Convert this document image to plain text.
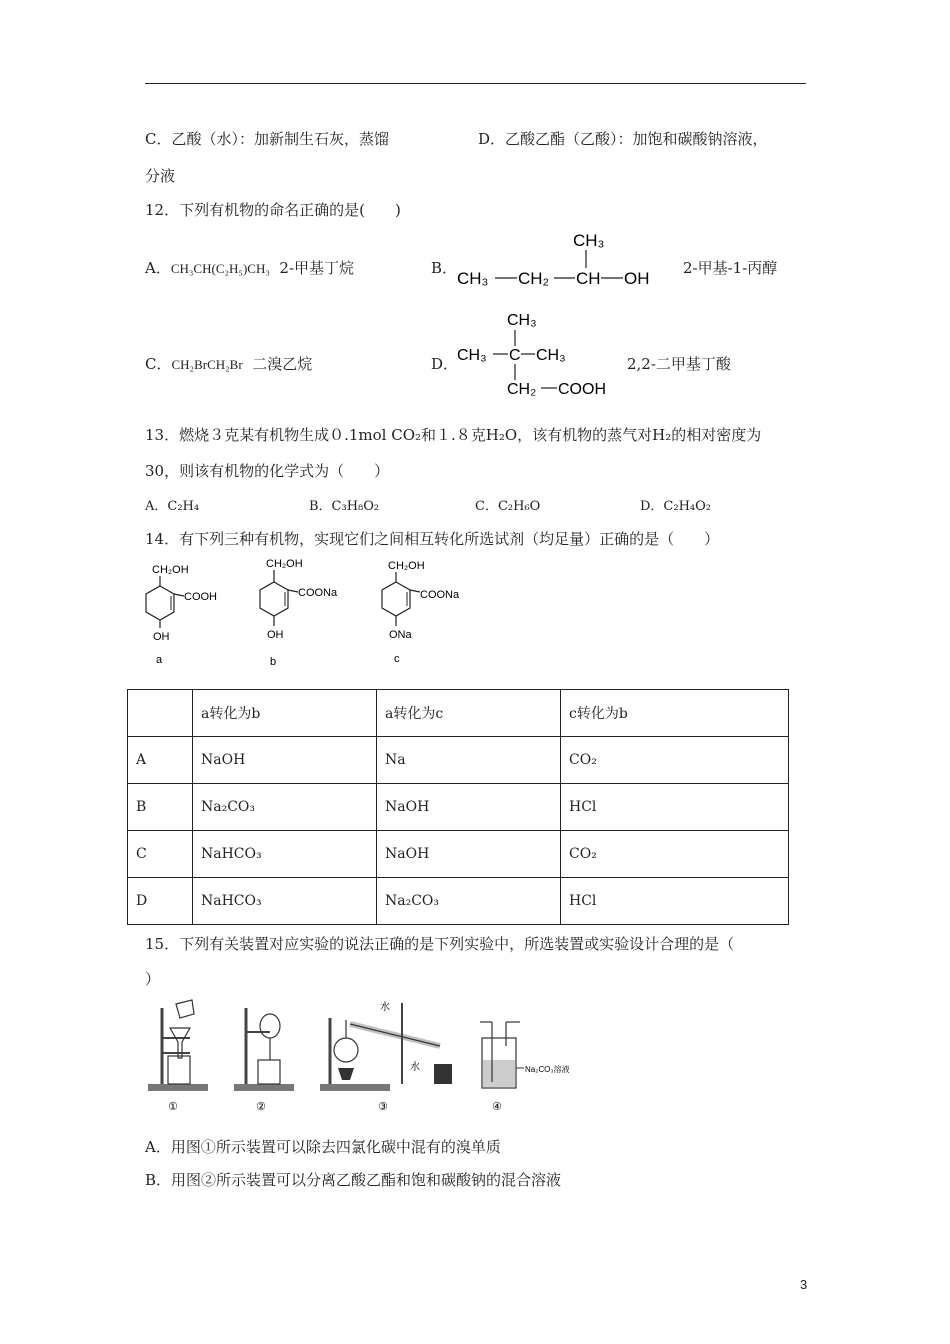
C．乙酸（水）：加新制生石灰，蒸馏	D．乙酸乙酯（乙酸）：加饱和碳酸钠溶液，
分液
12．下列有机物的命名正确的是(　　)
A．CH₃CH(C₂H₅)CH₃ 2-甲基丁烷	B．
CH₃
CH₃ CH₂ CH OH
2-甲基-1-丙醇
C．CH₂BrCH₂Br 二溴乙烷	D．
CH₃
CH₃ C CH₃
CH₂ COOH
2,2-二甲基丁酸
13．燃烧３克某有机物生成０.1mol CO₂和１.８克H₂O，该有机物的蒸气对H₂的相对密度为
30，则该有机物的化学式为（　　）
A．C₂H₄	B．C₃H₈O₂	C．C₂H₆O	D．C₂H₄O₂
14．有下列三种有机物，实现它们之间相互转化所选试剂（均足量）正确的是（　　）
CH₂OH
COOH
OH
a
CH₂OH
COONa
OH
b
CH₂OH
COONa
ONa
c
	a转化为b	a转化为c	c转化为b
A	NaOH	Na	CO₂
B	Na₂CO₃	NaOH	HCl
C	NaHCO₃	NaOH	CO₂
D	NaHCO₃	Na₂CO₃	HCl
15．下列有关装置对应实验的说法正确的是下列实验中，所选装置或实验设计合理的是（
）
①	②
水
水
③
Na₂CO₃溶液
④
A．用图①所示装置可以除去四氯化碳中混有的溴单质
B．用图②所示装置可以分离乙酸乙酯和饱和碳酸钠的混合溶液
3
